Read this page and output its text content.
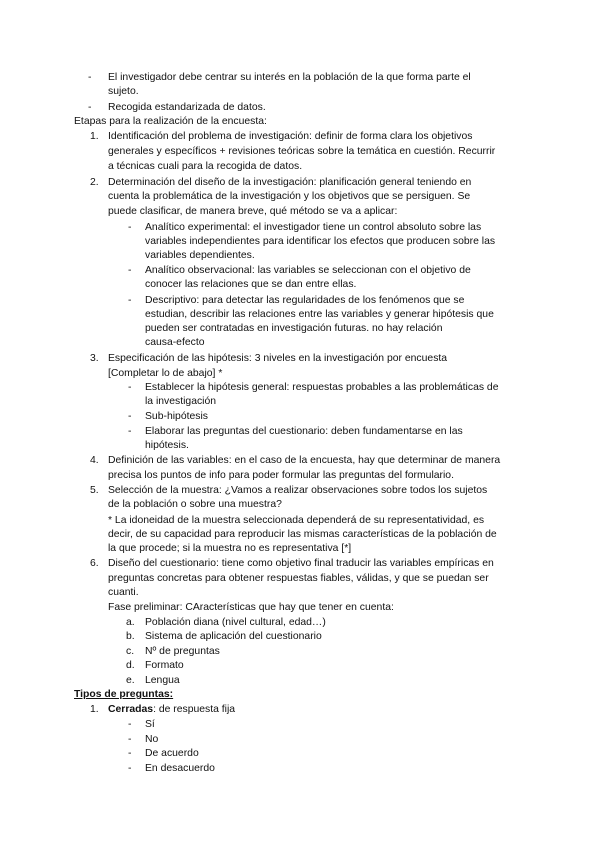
- El investigador debe centrar su interés en la población de la que forma parte el
sujeto.
- Recogida estandarizada de datos.
Etapas para la realización de la encuesta:
1. Identificación del problema de investigación: definir de forma clara los objetivos
generales y específicos + revisiones teóricas sobre la temática en cuestión. Recurrir
a técnicas cuali para la recogida de datos.
2. Determinación del diseño de la investigación: planificación general teniendo en
cuenta la problemática de la investigación y los objetivos que se persiguen. Se
puede clasificar, de manera breve, qué método se va a aplicar:
- Analítico experimental: el investigador tiene un control absoluto sobre las
variables independientes para identificar los efectos que producen sobre las
variables dependientes.
- Analítico observacional: las variables se seleccionan con el objetivo de
conocer las relaciones que se dan entre ellas.
- Descriptivo: para detectar las regularidades de los fenómenos que se
estudian, describir las relaciones entre las variables y generar hipótesis que
pueden ser contratadas en investigación futuras. no hay relación
causa-efecto
3. Especificación de las hipótesis: 3 niveles en la investigación por encuesta
[Completar lo de abajo] *
- Establecer la hipótesis general: respuestas probables a las problemáticas de
la investigación
- Sub-hipótesis
- Elaborar las preguntas del cuestionario: deben fundamentarse en las
hipótesis.
4. Definición de las variables: en el caso de la encuesta, hay que determinar de manera
precisa los puntos de info para poder formular las preguntas del formulario.
5. Selección de la muestra: ¿Vamos a realizar observaciones sobre todos los sujetos
de la población o sobre una muestra?
* La idoneidad de la muestra seleccionada dependerá de su representatividad, es
decir, de su capacidad para reproducir las mismas características de la población de
la que procede; si la muestra no es representativa [*]
6. Diseño del cuestionario: tiene como objetivo final traducir las variables empíricas en
preguntas concretas para obtener respuestas fiables, válidas, y que se puedan ser
cuanti.
Fase preliminar: CAracterísticas que hay que tener en cuenta:
a. Población diana (nivel cultural, edad…)
b. Sistema de aplicación del cuestionario
c. Nº de preguntas
d. Formato
e. Lengua
Tipos de preguntas:
1. Cerradas: de respuesta fija
- Sí
- No
- De acuerdo
- En desacuerdo
